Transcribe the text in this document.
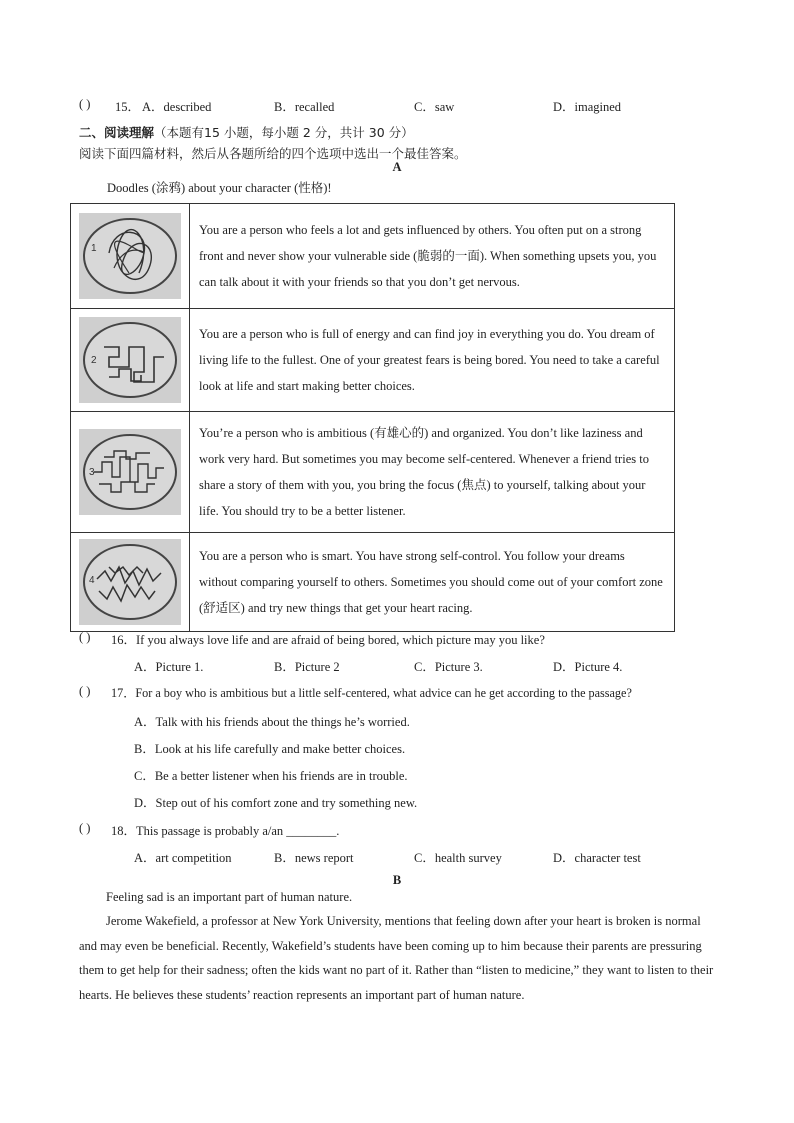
( ) 15． A．described	B．recalled	C．saw	D．imagined
二、阅读理解（本题有15 小题，每小题 2 分，共计 30 分）
阅读下面四篇材料，然后从各题所给的四个选项中选出一个最佳答案。
A
Doodles (涂鸦) about your character (性格)!
1	You are a person who feels a lot and gets influenced by others. You often put on a strong front and never show your vulnerable side (脆弱的一面). When something upsets you, you can talk about it with your friends so that you don’t get nervous.

2	You are a person who is full of energy and can find joy in everything you do. You dream of living life to the fullest. One of your greatest fears is being bored. You need to take a careful look at life and start making better choices.

3	You’re a person who is ambitious (有雄心的) and organized. You don’t like laziness and work very hard. But sometimes you may become self-centered. Whenever a friend tries to share a story of them with you, you bring the focus (焦点) to yourself, talking about your life. You should try to be a better listener.

4	You are a person who is smart. You have strong self-control. You follow your dreams without comparing yourself to others. Sometimes you should come out of your comfort zone (舒适区) and try new things that get your heart racing.
( ) 16．If you always love life and are afraid of being bored, which picture may you like?
A．Picture 1.	B．Picture 2	C．Picture 3.	D．Picture 4.
( ) 17．For a boy who is ambitious but a little self-centered, what advice can he get according to the passage?
A．Talk with his friends about the things he’s worried.
B．Look at his life carefully and make better choices.
C．Be a better listener when his friends are in trouble.
D．Step out of his comfort zone and try something new.
( ) 18．This passage is probably a/an ________.
A．art competition	B．news report	C．health survey	D．character test
B
Feeling sad is an important part of human nature.
Jerome Wakefield, a professor at New York University, mentions that feeling down after your heart is broken is normal and may even be beneficial. Recently, Wakefield’s students have been coming up to him because their parents are pressuring them to get help for their sadness; often the kids want no part of it. Rather than “listen to medicine,” they want to listen to their hearts. He believes these students’ reaction represents an important part of human nature.
